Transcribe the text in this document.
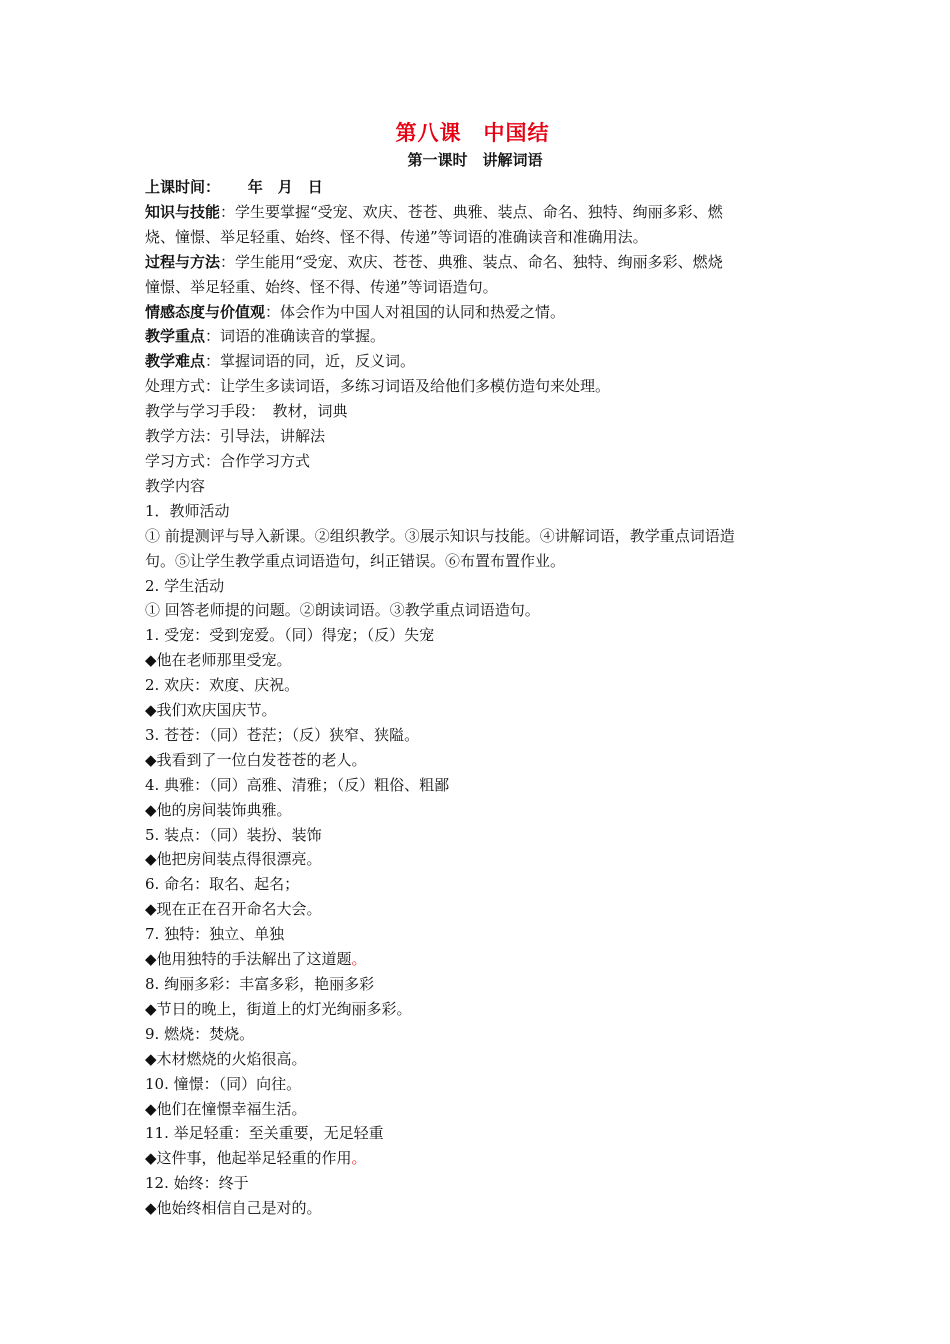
第八课　中国结
第一课时　讲解词语
上课时间：　　 年　月　日
知识与技能：学生要掌握“受宠、欢庆、苍苍、典雅、装点、命名、独特、绚丽多彩、燃
烧、憧憬、举足轻重、始终、怪不得、传递”等词语的准确读音和准确用法。
过程与方法：学生能用“受宠、欢庆、苍苍、典雅、装点、命名、独特、绚丽多彩、燃烧
憧憬、举足轻重、始终、怪不得、传递”等词语造句。
情感态度与价值观：体会作为中国人对祖国的认同和热爱之情。
教学重点：词语的准确读音的掌握。
教学难点：掌握词语的同，近，反义词。
处理方式：让学生多读词语，多练习词语及给他们多模仿造句来处理。
教学与学习手段：　教材，词典
教学方法：引导法，讲解法
学习方式：合作学习方式
教学内容
1．教师活动
① 前提测评与导入新课。②组织教学。③展示知识与技能。④讲解词语，教学重点词语造
句。⑤让学生教学重点词语造句，纠正错误。⑥布置布置作业。
2. 学生活动
① 回答老师提的问题。②朗读词语。③教学重点词语造句。
1. 受宠：受到宠爱。（同）得宠；（反）失宠
◆他在老师那里受宠。
2. 欢庆：欢度、庆祝。
◆我们欢庆国庆节。
3. 苍苍：（同）苍茫；（反）狭窄、狭隘。
◆我看到了一位白发苍苍的老人。
4. 典雅：（同）高雅、清雅；（反）粗俗、粗鄙
◆他的房间装饰典雅。
5. 装点：（同）装扮、装饰
◆他把房间装点得很漂亮。
6. 命名：取名、起名；
◆现在正在召开命名大会。
7. 独特：独立、单独
◆他用独特的手法解出了这道题。
8. 绚丽多彩：丰富多彩，艳丽多彩
◆节日的晚上，街道上的灯光绚丽多彩。
9. 燃烧：焚烧。
◆木材燃烧的火焰很高。
10. 憧憬：（同）向往。
◆他们在憧憬幸福生活。
11. 举足轻重：至关重要，无足轻重
◆这件事，他起举足轻重的作用。
12. 始终：终于
◆他始终相信自己是对的。
